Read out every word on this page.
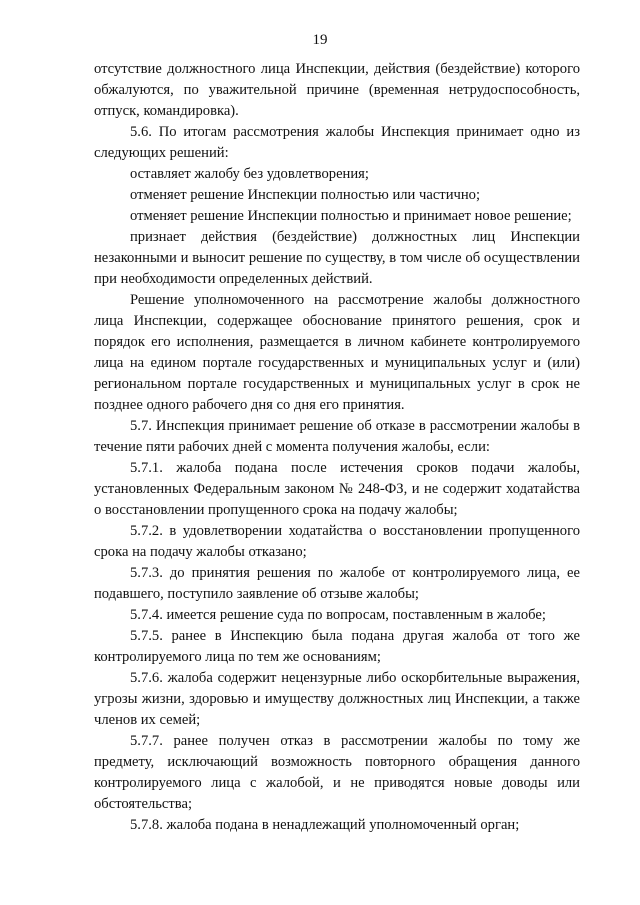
19

отсутствие должностного лица Инспекции, действия (бездействие) которого обжалуются, по уважительной причине (временная нетрудоспособность, отпуск, командировка).

5.6. По итогам рассмотрения жалобы Инспекция принимает одно из следующих решений:

оставляет жалобу без удовлетворения;

отменяет решение Инспекции полностью или частично;

отменяет решение Инспекции полностью и принимает новое решение;

признает действия (бездействие) должностных лиц Инспекции незаконными и выносит решение по существу, в том числе об осуществлении при необходимости определенных действий.

Решение уполномоченного на рассмотрение жалобы должностного лица Инспекции, содержащее обоснование принятого решения, срок и порядок его исполнения, размещается в личном кабинете контролируемого лица на едином портале государственных и муниципальных услуг и (или) региональном портале государственных и муниципальных услуг в срок не позднее одного рабочего дня со дня его принятия.

5.7. Инспекция принимает решение об отказе в рассмотрении жалобы в течение пяти рабочих дней с момента получения жалобы, если:

5.7.1. жалоба подана после истечения сроков подачи жалобы, установленных Федеральным законом № 248-ФЗ, и не содержит ходатайства о восстановлении пропущенного срока на подачу жалобы;

5.7.2. в удовлетворении ходатайства о восстановлении пропущенного срока на подачу жалобы отказано;

5.7.3. до принятия решения по жалобе от контролируемого лица, ее подавшего, поступило заявление об отзыве жалобы;

5.7.4. имеется решение суда по вопросам, поставленным в жалобе;

5.7.5. ранее в Инспекцию была подана другая жалоба от того же контролируемого лица по тем же основаниям;

5.7.6. жалоба содержит нецензурные либо оскорбительные выражения, угрозы жизни, здоровью и имуществу должностных лиц Инспекции, а также членов их семей;

5.7.7. ранее получен отказ в рассмотрении жалобы по тому же предмету, исключающий возможность повторного обращения данного контролируемого лица с жалобой, и не приводятся новые доводы или обстоятельства;

5.7.8. жалоба подана в ненадлежащий уполномоченный орган;
